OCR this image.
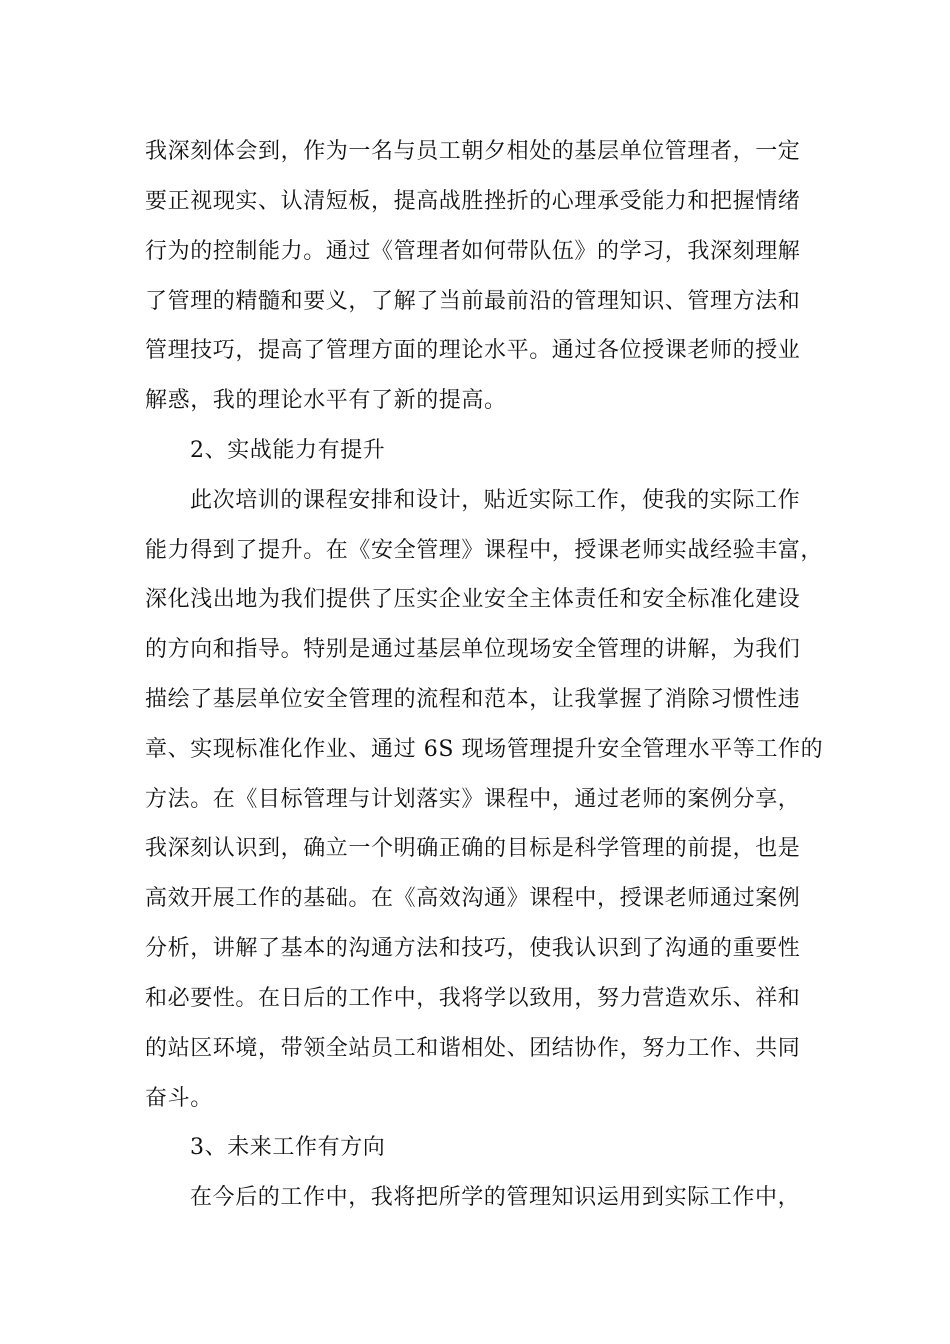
我深刻体会到，作为一名与员工朝夕相处的基层单位管理者，一定
要正视现实、认清短板，提高战胜挫折的心理承受能力和把握情绪
行为的控制能力。通过《管理者如何带队伍》的学习，我深刻理解
了管理的精髓和要义，了解了当前最前沿的管理知识、管理方法和
管理技巧，提高了管理方面的理论水平。通过各位授课老师的授业
解惑，我的理论水平有了新的提高。
2、实战能力有提升
此次培训的课程安排和设计，贴近实际工作，使我的实际工作
能力得到了提升。在《安全管理》课程中，授课老师实战经验丰富，
深化浅出地为我们提供了压实企业安全主体责任和安全标准化建设
的方向和指导。特别是通过基层单位现场安全管理的讲解，为我们
描绘了基层单位安全管理的流程和范本，让我掌握了消除习惯性违
章、实现标准化作业、通过 6S 现场管理提升安全管理水平等工作的
方法。在《目标管理与计划落实》课程中，通过老师的案例分享，
我深刻认识到，确立一个明确正确的目标是科学管理的前提，也是
高效开展工作的基础。在《高效沟通》课程中，授课老师通过案例
分析，讲解了基本的沟通方法和技巧，使我认识到了沟通的重要性
和必要性。在日后的工作中，我将学以致用，努力营造欢乐、祥和
的站区环境，带领全站员工和谐相处、团结协作，努力工作、共同
奋斗。
3、未来工作有方向
在今后的工作中，我将把所学的管理知识运用到实际工作中，
